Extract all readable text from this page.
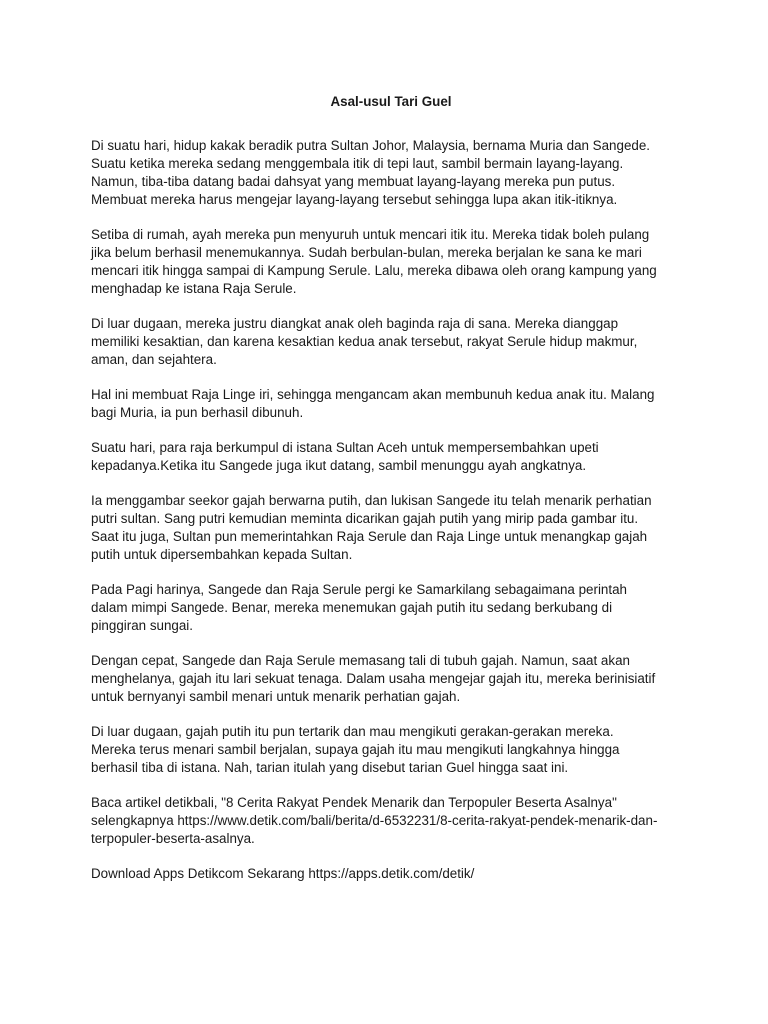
Asal-usul Tari Guel
Di suatu hari, hidup kakak beradik putra Sultan Johor, Malaysia, bernama Muria dan Sangede.
Suatu ketika mereka sedang menggembala itik di tepi laut, sambil bermain layang-layang.
Namun, tiba-tiba datang badai dahsyat yang membuat layang-layang mereka pun putus.
Membuat mereka harus mengejar layang-layang tersebut sehingga lupa akan itik-itiknya.
Setiba di rumah, ayah mereka pun menyuruh untuk mencari itik itu. Mereka tidak boleh pulang
jika belum berhasil menemukannya. Sudah berbulan-bulan, mereka berjalan ke sana ke mari
mencari itik hingga sampai di Kampung Serule. Lalu, mereka dibawa oleh orang kampung yang
menghadap ke istana Raja Serule.
Di luar dugaan, mereka justru diangkat anak oleh baginda raja di sana. Mereka dianggap
memiliki kesaktian, dan karena kesaktian kedua anak tersebut, rakyat Serule hidup makmur,
aman, dan sejahtera.
Hal ini membuat Raja Linge iri, sehingga mengancam akan membunuh kedua anak itu. Malang
bagi Muria, ia pun berhasil dibunuh.
Suatu hari, para raja berkumpul di istana Sultan Aceh untuk mempersembahkan upeti
kepadanya.Ketika itu Sangede juga ikut datang, sambil menunggu ayah angkatnya.
Ia menggambar seekor gajah berwarna putih, dan lukisan Sangede itu telah menarik perhatian
putri sultan. Sang putri kemudian meminta dicarikan gajah putih yang mirip pada gambar itu.
Saat itu juga, Sultan pun memerintahkan Raja Serule dan Raja Linge untuk menangkap gajah
putih untuk dipersembahkan kepada Sultan.
Pada Pagi harinya, Sangede dan Raja Serule pergi ke Samarkilang sebagaimana perintah
dalam mimpi Sangede. Benar, mereka menemukan gajah putih itu sedang berkubang di
pinggiran sungai.
Dengan cepat, Sangede dan Raja Serule memasang tali di tubuh gajah. Namun, saat akan
menghelanya, gajah itu lari sekuat tenaga. Dalam usaha mengejar gajah itu, mereka berinisiatif
untuk bernyanyi sambil menari untuk menarik perhatian gajah.
Di luar dugaan, gajah putih itu pun tertarik dan mau mengikuti gerakan-gerakan mereka.
Mereka terus menari sambil berjalan, supaya gajah itu mau mengikuti langkahnya hingga
berhasil tiba di istana. Nah, tarian itulah yang disebut tarian Guel hingga saat ini.
Baca artikel detikbali, "8 Cerita Rakyat Pendek Menarik dan Terpopuler Beserta Asalnya"
selengkapnya https://www.detik.com/bali/berita/d-6532231/8-cerita-rakyat-pendek-menarik-dan-
terpopuler-beserta-asalnya.
Download Apps Detikcom Sekarang https://apps.detik.com/detik/
